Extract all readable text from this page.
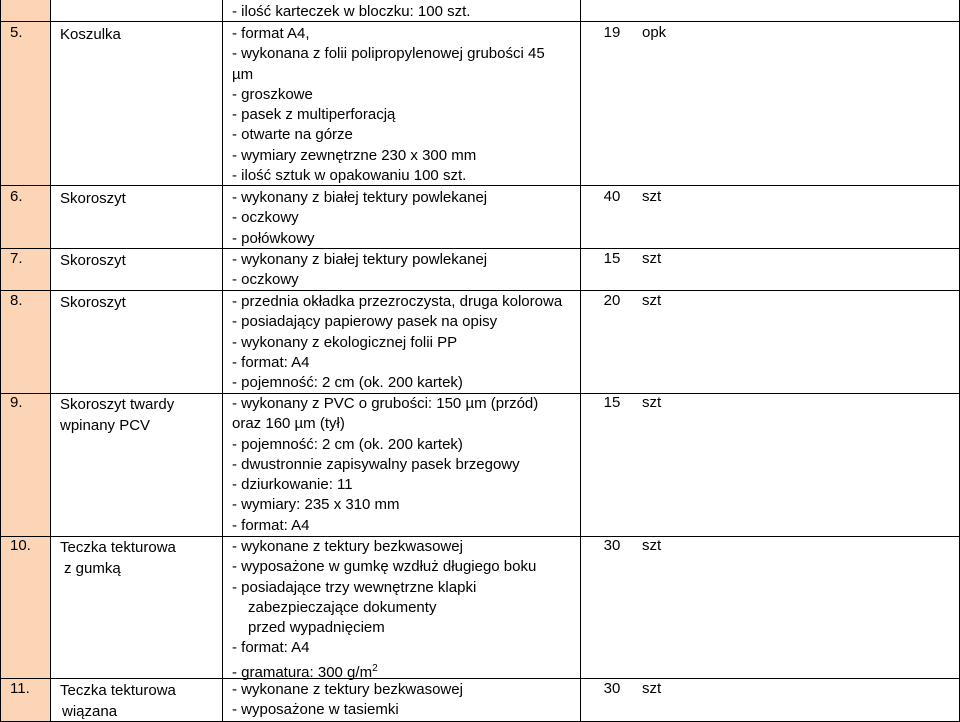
- ilość karteczek w bloczku: 100 szt.
5. Koszulka	- format A4,
- wykonana z folii polipropylenowej grubości 45
µm
- groszkowe
- pasek z multiperforacją
- otwarte na górze
- wymiary zewnętrzne 230 x 300 mm
- ilość sztuk w opakowaniu 100 szt.
19	opk
6. Skoroszyt	- wykonany z białej tektury powlekanej
- oczkowy
- połówkowy
40	szt
7. Skoroszyt	- wykonany z białej tektury powlekanej
- oczkowy
15	szt
8. Skoroszyt	- przednia okładka przezroczysta, druga kolorowa
- posiadający papierowy pasek na opisy
- wykonany z ekologicznej folii PP
- format: A4
- pojemność: 2 cm (ok. 200 kartek)
20	szt
9. Skoroszyt twardy
wpinany PCV
- wykonany z PVC o grubości: 150 µm (przód)
oraz 160 µm (tył)
- pojemność: 2 cm (ok. 200 kartek)
- dwustronnie zapisywalny pasek brzegowy
- dziurkowanie: 11
- wymiary: 235 x 310 mm
- format: A4
15	szt
10. Teczka tekturowa
z gumką
- wykonane z tektury bezkwasowej
- wyposażone w gumkę wzdłuż długiego boku
- posiadające trzy wewnętrzne klapki
zabezpieczające dokumenty
przed wypadnięciem
- format: A4
- gramatura: 300 $g/m^2$
30	szt
11. Teczka tekturowa
wiązana
- wykonane z tektury bezkwasowej
- wyposażone w tasiemki
30	szt
